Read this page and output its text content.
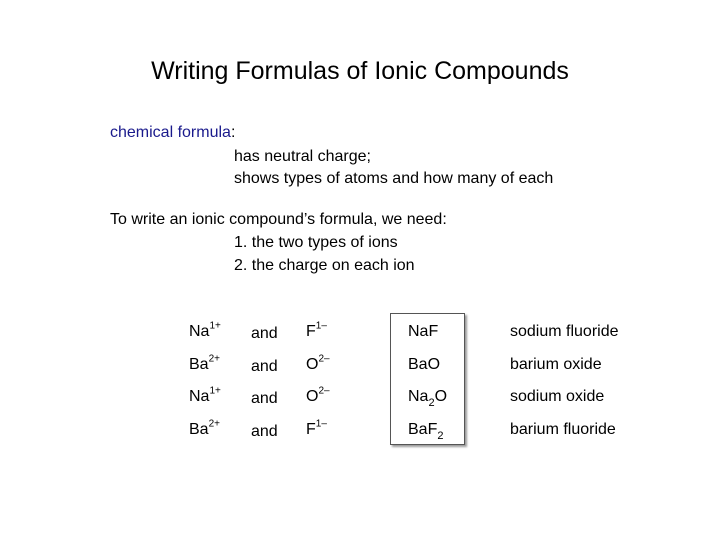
Writing Formulas of Ionic Compounds
chemical formula:
has neutral charge;
shows types of atoms and how many of each
To write an ionic compound’s formula, we need:
1. the two types of ions
2. the charge on each ion
$Na^{1+}$ and $F^{1-}$	NaF	sodium fluoride
$Ba^{2+}$ and $O^{2-}$	BaO	barium oxide
$Na^{1+}$ and $O^{2-}$	$Na_2O$	sodium oxide
$Ba^{2+}$ and $F^{1-}$	BaF$_2$	barium fluoride
